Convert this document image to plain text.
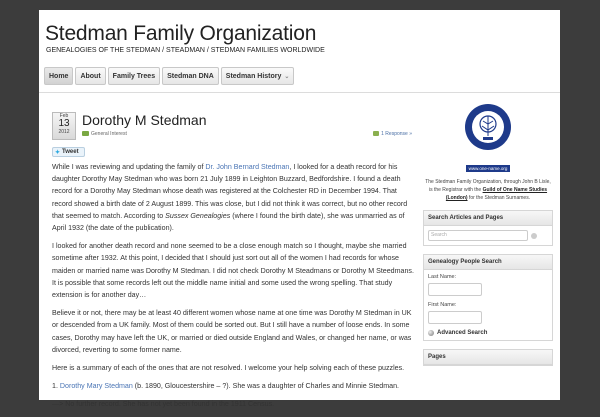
Stedman Family Organization
GENEALOGIES OF THE STEDMAN / STEADMAN / STEDMAN FAMILIES WORLDWIDE
Home About Family Trees Stedman DNA Stedman History ⌄
Feb
13
2012
Dorothy M Stedman
General Interest	1 Response »
✦ Tweet

While I was reviewing and updating the family of Dr. John Bernard Stedman, I looked for a death record for his daughter Dorothy May Stedman who was born 21 July 1899 in Leighton Buzzard, Bedfordshire. I found a death record for a Dorothy May Stedman whose death was registered at the Colchester RD in December 1994. That record showed a birth date of 2 August 1899. This was close, but I did not think it was correct, but no other record that seemed to match. According to Sussex Genealogies (where I found the birth date), she was unmarried as of April 1932 (the date of the publication).

I looked for another death record and none seemed to be a close enough match so I thought, maybe she married sometime after 1932. At this point, I decided that I should just sort out all of the women I had records for whose maiden or married name was Dorothy M Stedman. I did not check Dorothy M Steadmans or Dorothy M Steedmans. It is possible that some records left out the middle name initial and some used the wrong spelling. That study extension is for another day…

Believe it or not, there may be at least 40 different women whose name at one time was Dorothy M Stedman in UK or descended from a UK family. Most of them could be sorted out. But I still have a number of loose ends. In some cases, Dorothy may have left the UK, or married or died outside England and Wales, or changed her name, or was divorced, reverting to some former name.

Here is a summary of each of the ones that are not resolved. I welcome your help solving each of these puzzles.

1. Dorothy Mary Stedman (b. 1890, Gloucestershire – ?). She was a daughter of Charles and Minnie Stedman.

—> No further record. She has not yet been found in the 1911 Census.

www.one-name.org
The Stedman Family Organization, through John B Lisle, is the Registrar with the Guild of One Name Studies (London) for the Stedman Surnames.
Search Articles and Pages
Search
Genealogy People Search
Last Name:
First Name:
Advanced Search
Pages
